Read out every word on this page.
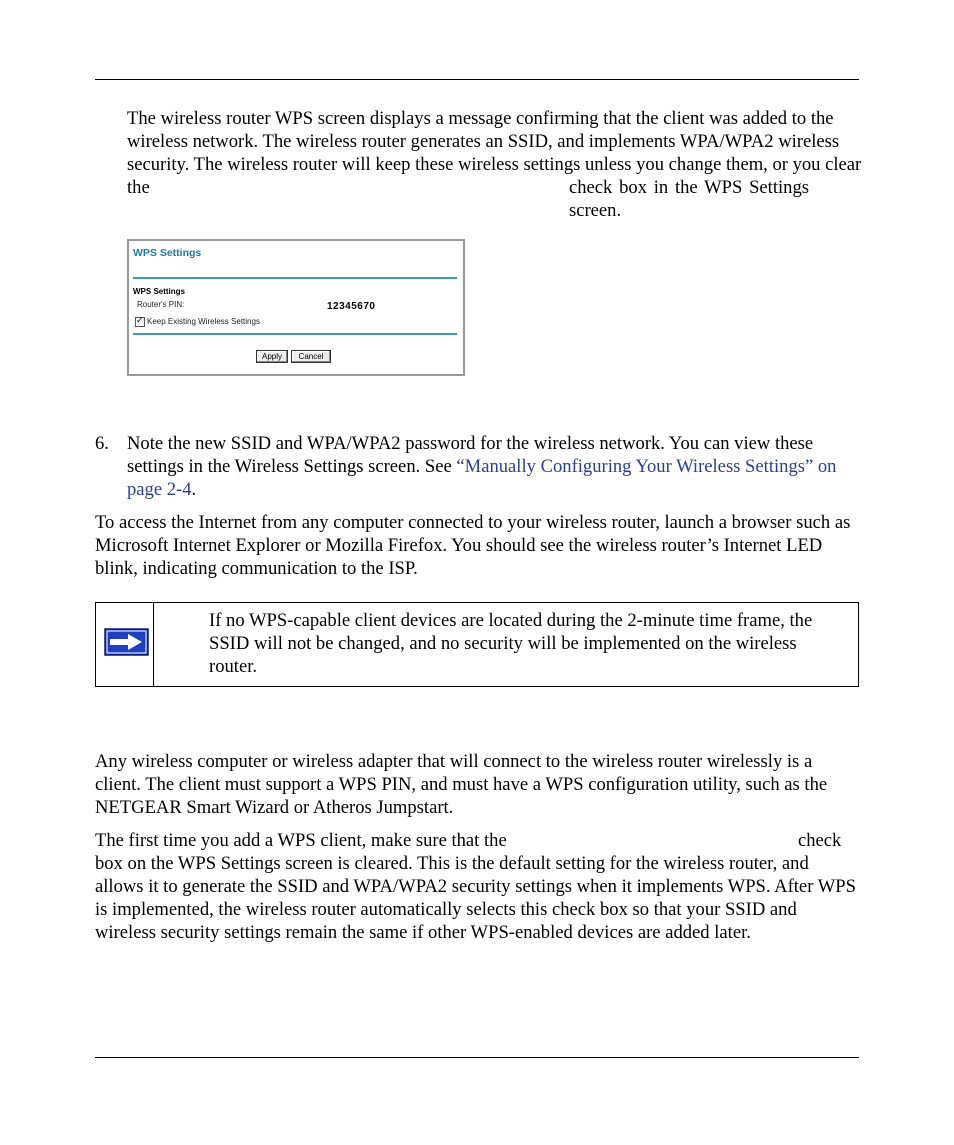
The wireless router WPS screen displays a message confirming that the client was added to the wireless network. The wireless router generates an SSID, and implements WPA/WPA2 wireless security. The wireless router will keep these wireless settings unless you change them, or you clear the	check box in the WPS Settings screen.
WPS Settings
WPS Settings
Router's PIN:	12345670
✓
Keep Existing Wireless Settings
Apply	Cancel
6. Note the new SSID and WPA/WPA2 password for the wireless network. You can view these settings in the Wireless Settings screen. See “Manually Configuring Your Wireless Settings” on page 2-4.

To access the Internet from any computer connected to your wireless router, launch a browser such as Microsoft Internet Explorer or Mozilla Firefox. You should see the wireless router’s Internet LED blink, indicating communication to the ISP.

If no WPS-capable client devices are located during the 2-minute time frame, the SSID will not be changed, and no security will be implemented on the wireless router.

Any wireless computer or wireless adapter that will connect to the wireless router wirelessly is a client. The client must support a WPS PIN, and must have a WPS configuration utility, such as the NETGEAR Smart Wizard or Atheros Jumpstart.

The first time you add a WPS client, make sure that the	check

box on the WPS Settings screen is cleared. This is the default setting for the wireless router, and allows it to generate the SSID and WPA/WPA2 security settings when it implements WPS. After WPS is implemented, the wireless router automatically selects this check box so that your SSID and wireless security settings remain the same if other WPS-enabled devices are added later.
